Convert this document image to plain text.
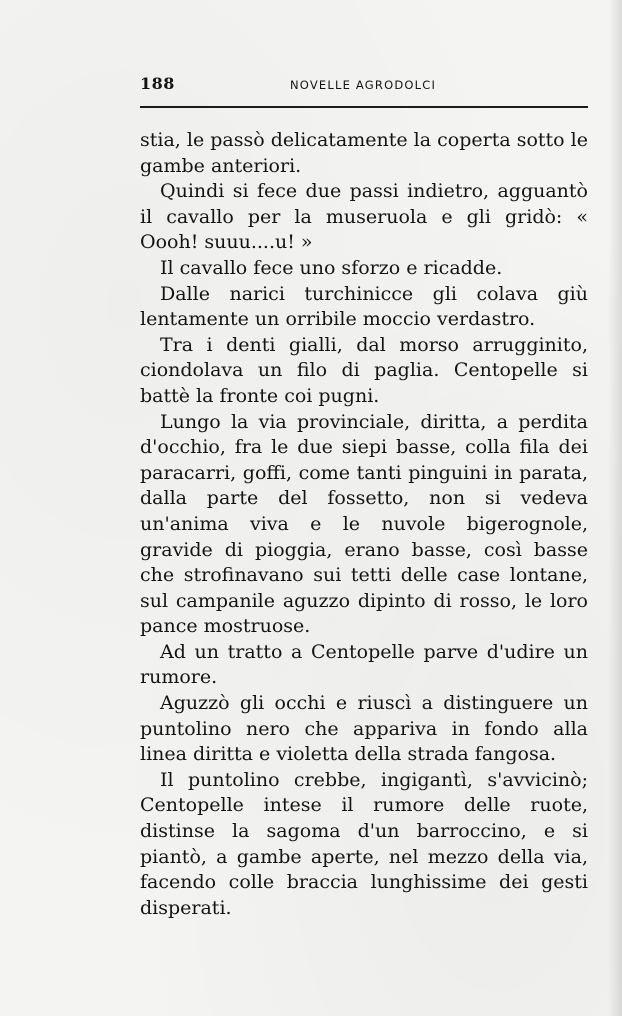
188	NOVELLE AGRODOLCI

stia, le passò delicatamente la coperta sotto le gambe anteriori.

Quindi si fece due passi indietro, agguantò il cavallo per la museruola e gli gridò: « Oooh! suuu....u! »

Il cavallo fece uno sforzo e ricadde.

Dalle narici turchinicce gli colava giù lentamente un orribile moccio verdastro.

Tra i denti gialli, dal morso arrugginito, ciondolava un filo di paglia. Centopelle si battè la fronte coi pugni.

Lungo la via provinciale, diritta, a perdita d'occhio, fra le due siepi basse, colla fila dei paracarri, goffi, come tanti pinguini in parata, dalla parte del fossetto, non si vedeva un'anima viva e le nuvole bigerognole, gravide di pioggia, erano basse, così basse che strofinavano sui tetti delle case lontane, sul campanile aguzzo dipinto di rosso, le loro pance mostruose.

Ad un tratto a Centopelle parve d'udire un rumore.

Aguzzò gli occhi e riuscì a distinguere un puntolino nero che appariva in fondo alla linea diritta e violetta della strada fangosa.

Il puntolino crebbe, ingigantì, s'avvicinò; Centopelle intese il rumore delle ruote, distinse la sagoma d'un barroccino, e si piantò, a gambe aperte, nel mezzo della via, facendo colle braccia lunghissime dei gesti disperati.
